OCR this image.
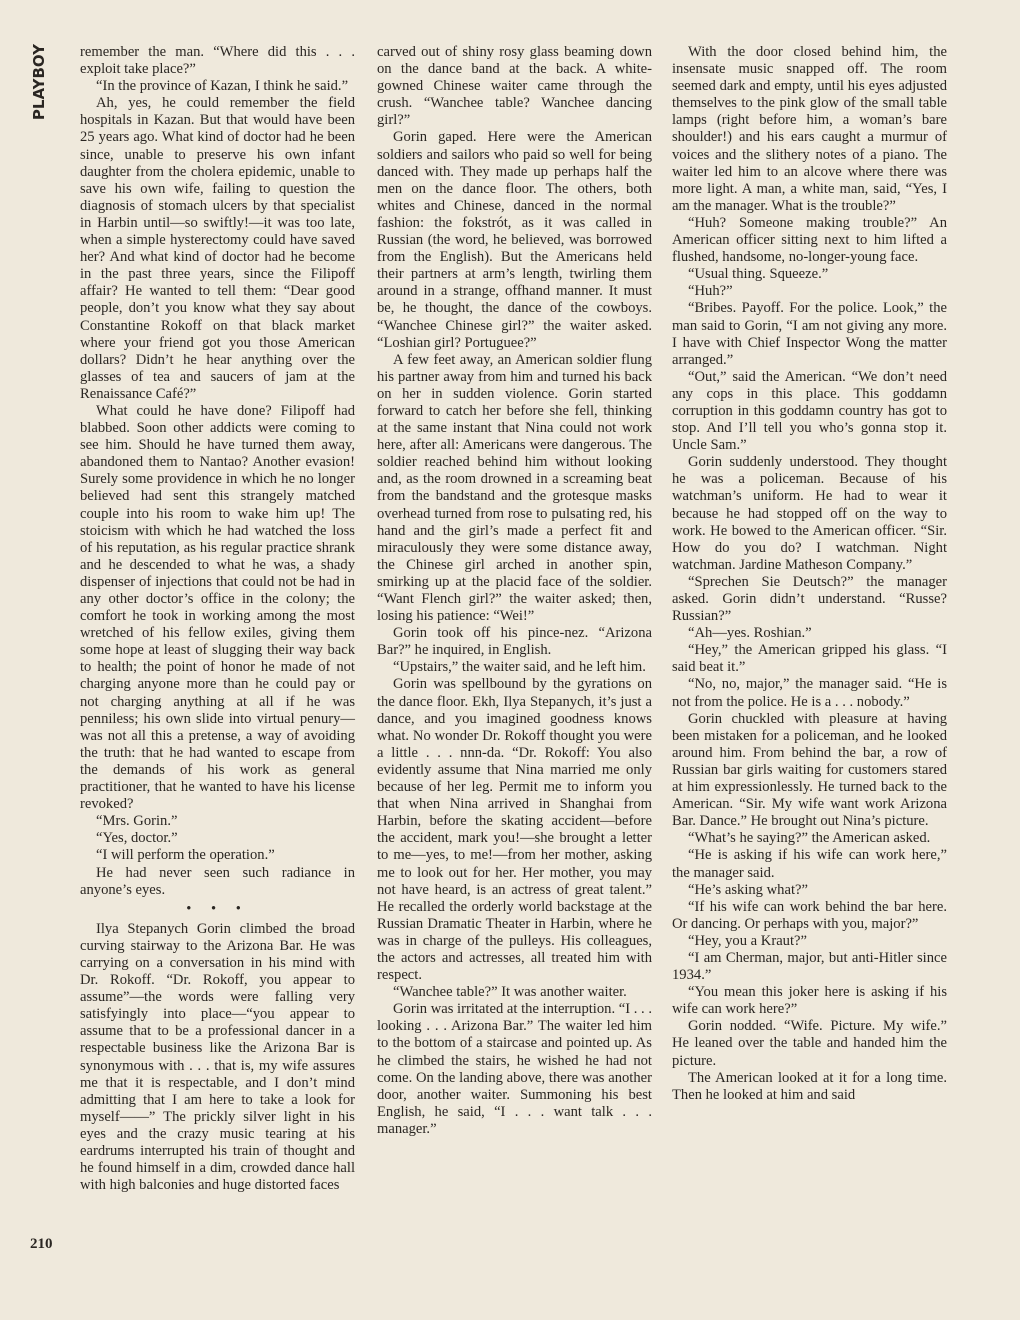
PLAYBOY
210

remember the man. “Where did this . . . exploit take place?”

“In the province of Kazan, I think he said.”

Ah, yes, he could remember the field hospitals in Kazan. But that would have been 25 years ago. What kind of doctor had he been since, unable to preserve his own infant daughter from the cholera epidemic, unable to save his own wife, failing to question the diagnosis of stomach ulcers by that specialist in Harbin until—so swiftly!—it was too late, when a simple hysterectomy could have saved her? And what kind of doctor had he become in the past three years, since the Filipoff affair? He wanted to tell them: “Dear good people, don’t you know what they say about Constantine Rokoff on that black market where your friend got you those American dollars? Didn’t he hear anything over the glasses of tea and saucers of jam at the Renaissance Café?”

What could he have done? Filipoff had blabbed. Soon other addicts were coming to see him. Should he have turned them away, abandoned them to Nantao? Another evasion! Surely some providence in which he no longer believed had sent this strangely matched couple into his room to wake him up! The stoicism with which he had watched the loss of his reputation, as his regular practice shrank and he descended to what he was, a shady dispenser of injections that could not be had in any other doctor’s office in the colony; the comfort he took in working among the most wretched of his fellow exiles, giving them some hope at least of slugging their way back to health; the point of honor he made of not charging anyone more than he could pay or not charging anything at all if he was penniless; his own slide into virtual penury—was not all this a pretense, a way of avoiding the truth: that he had wanted to escape from the demands of his work as general practitioner, that he wanted to have his license revoked?

“Mrs. Gorin.”

“Yes, doctor.”

“I will perform the operation.”

He had never seen such radiance in anyone’s eyes.

• • •

Ilya Stepanych Gorin climbed the broad curving stairway to the Arizona Bar. He was carrying on a conversation in his mind with Dr. Rokoff. “Dr. Rokoff, you appear to assume”—the words were falling very satisfyingly into place—“you appear to assume that to be a professional dancer in a respectable business like the Arizona Bar is synonymous with . . . that is, my wife assures me that it is respectable, and I don’t mind admitting that I am here to take a look for myself——” The prickly silver light in his eyes and the crazy music tearing at his eardrums interrupted his train of thought and he found himself in a dim, crowded dance hall with high balconies and huge distorted faces

carved out of shiny rosy glass beaming down on the dance band at the back. A white-gowned Chinese waiter came through the crush. “Wanchee table? Wanchee dancing girl?”

Gorin gaped. Here were the American soldiers and sailors who paid so well for being danced with. They made up perhaps half the men on the dance floor. The others, both whites and Chinese, danced in the normal fashion: the fokstrót, as it was called in Russian (the word, he believed, was borrowed from the English). But the Americans held their partners at arm’s length, twirling them around in a strange, offhand manner. It must be, he thought, the dance of the cowboys. “Wanchee Chinese girl?” the waiter asked. “Loshian girl? Portuguee?”

A few feet away, an American soldier flung his partner away from him and turned his back on her in sudden violence. Gorin started forward to catch her before she fell, thinking at the same instant that Nina could not work here, after all: Americans were dangerous. The soldier reached behind him without looking and, as the room drowned in a screaming beat from the bandstand and the grotesque masks overhead turned from rose to pulsating red, his hand and the girl’s made a perfect fit and miraculously they were some distance away, the Chinese girl arched in another spin, smirking up at the placid face of the soldier. “Want Flench girl?” the waiter asked; then, losing his patience: “Wei!”

Gorin took off his pince-nez. “Arizona Bar?” he inquired, in English.

“Upstairs,” the waiter said, and he left him.

Gorin was spellbound by the gyrations on the dance floor. Ekh, Ilya Stepanych, it’s just a dance, and you imagined goodness knows what. No wonder Dr. Rokoff thought you were a little . . . nnn-da. “Dr. Rokoff: You also evidently assume that Nina married me only because of her leg. Permit me to inform you that when Nina arrived in Shanghai from Harbin, before the skating accident—before the accident, mark you!—she brought a letter to me—yes, to me!—from her mother, asking me to look out for her. Her mother, you may not have heard, is an actress of great talent.” He recalled the orderly world backstage at the Russian Dramatic Theater in Harbin, where he was in charge of the pulleys. His colleagues, the actors and actresses, all treated him with respect.

“Wanchee table?” It was another waiter.

Gorin was irritated at the interruption. “I . . . looking . . . Arizona Bar.” The waiter led him to the bottom of a staircase and pointed up. As he climbed the stairs, he wished he had not come. On the landing above, there was another door, another waiter. Summoning his best English, he said, “I . . . want talk . . . manager.”

With the door closed behind him, the insensate music snapped off. The room seemed dark and empty, until his eyes adjusted themselves to the pink glow of the small table lamps (right before him, a woman’s bare shoulder!) and his ears caught a murmur of voices and the slithery notes of a piano. The waiter led him to an alcove where there was more light. A man, a white man, said, “Yes, I am the manager. What is the trouble?”

“Huh? Someone making trouble?” An American officer sitting next to him lifted a flushed, handsome, no-longer-young face.

“Usual thing. Squeeze.”

“Huh?”

“Bribes. Payoff. For the police. Look,” the man said to Gorin, “I am not giving any more. I have with Chief Inspector Wong the matter arranged.”

“Out,” said the American. “We don’t need any cops in this place. This goddamn corruption in this goddamn country has got to stop. And I’ll tell you who’s gonna stop it. Uncle Sam.”

Gorin suddenly understood. They thought he was a policeman. Because of his watchman’s uniform. He had to wear it because he had stopped off on the way to work. He bowed to the American officer. “Sir. How do you do? I watchman. Night watchman. Jardine Matheson Company.”

“Sprechen Sie Deutsch?” the manager asked. Gorin didn’t understand. “Russe? Russian?”

“Ah—yes. Roshian.”

“Hey,” the American gripped his glass. “I said beat it.”

“No, no, major,” the manager said. “He is not from the police. He is a . . . nobody.”

Gorin chuckled with pleasure at having been mistaken for a policeman, and he looked around him. From behind the bar, a row of Russian bar girls waiting for customers stared at him expressionlessly. He turned back to the American. “Sir. My wife want work Arizona Bar. Dance.” He brought out Nina’s picture.

“What’s he saying?” the American asked.

“He is asking if his wife can work here,” the manager said.

“He’s asking what?”

“If his wife can work behind the bar here. Or dancing. Or perhaps with you, major?”

“Hey, you a Kraut?”

“I am Cherman, major, but anti-Hitler since 1934.”

“You mean this joker here is asking if his wife can work here?”

Gorin nodded. “Wife. Picture. My wife.” He leaned over the table and handed him the picture.

The American looked at it for a long time. Then he looked at him and said
